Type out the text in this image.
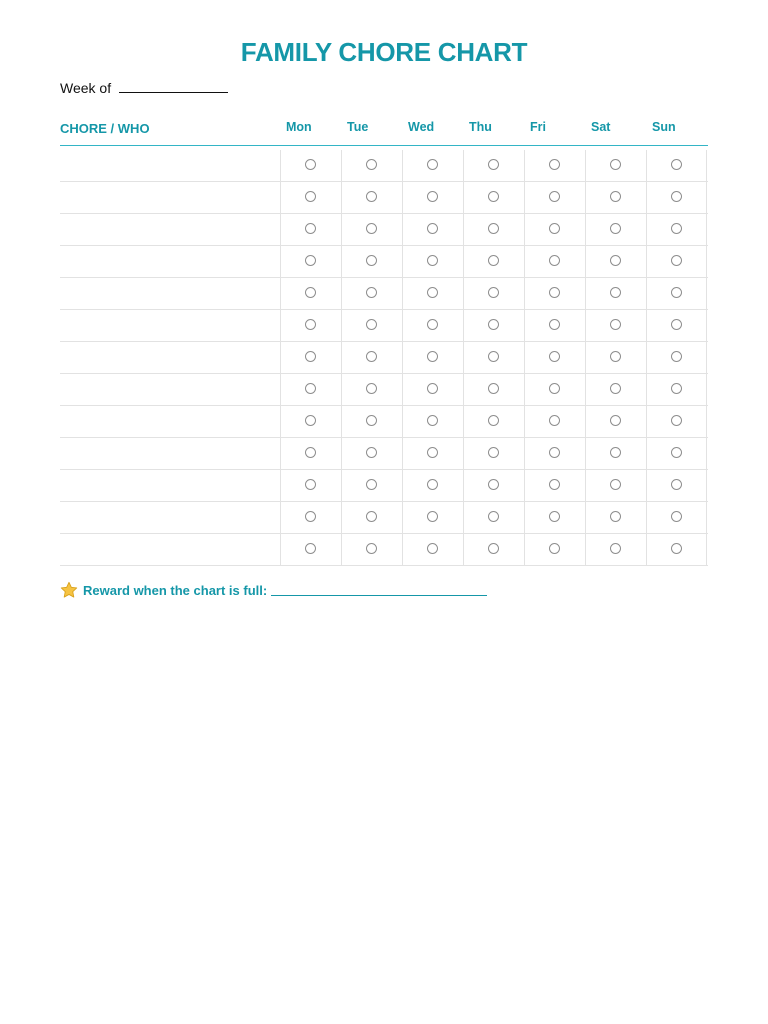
FAMILY CHORE CHART
Week of
CHORE / WHO	Mon	Tue	Wed	Thu	Fri	Sat	Sun
Reward when the chart is full:
